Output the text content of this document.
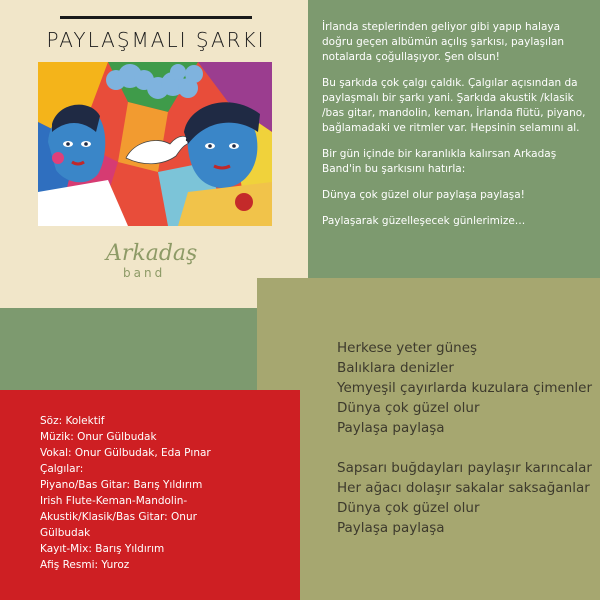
PAYLAŞMALI ŞARKI
Arkadaş
band

İrlanda steplerinden geliyor gibi yapıp halaya doğru geçen albümün açılış şarkısı, paylaşılan notalarda çoğullaşıyor. Şen olsun!

Bu şarkıda çok çalgı çaldık. Çalgılar açısından da paylaşmalı bir şarkı yani. Şarkıda akustik /klasik /bas gitar, mandolin, keman, İrlanda flütü, piyano, bağlamadaki ve ritmler var. Hepsinin selamını al.

Bir gün içinde bir karanlıkla kalırsan Arkadaş Band'in bu şarkısını hatırla:

Dünya çok güzel olur paylaşa paylaşa!

Paylaşarak güzelleşecek günlerimize…

Herkese yeter güneş
Balıklara denizler
Yemyeşil çayırlarda kuzulara çimenler
Dünya çok güzel olur
Paylaşa paylaşa
Sapsarı buğdayları paylaşır karıncalar
Her ağacı dolaşır sakalar saksağanlar
Dünya çok güzel olur
Paylaşa paylaşa
Söz: Kolektif
Müzik: Onur Gülbudak
Vokal: Onur Gülbudak, Eda Pınar
Çalgılar:
Piyano/Bas Gitar: Barış Yıldırım
Irish Flute-Keman-Mandolin-
Akustik/Klasik/Bas Gitar: Onur
Gülbudak
Kayıt-Mix: Barış Yıldırım
Afiş Resmi: Yuroz
